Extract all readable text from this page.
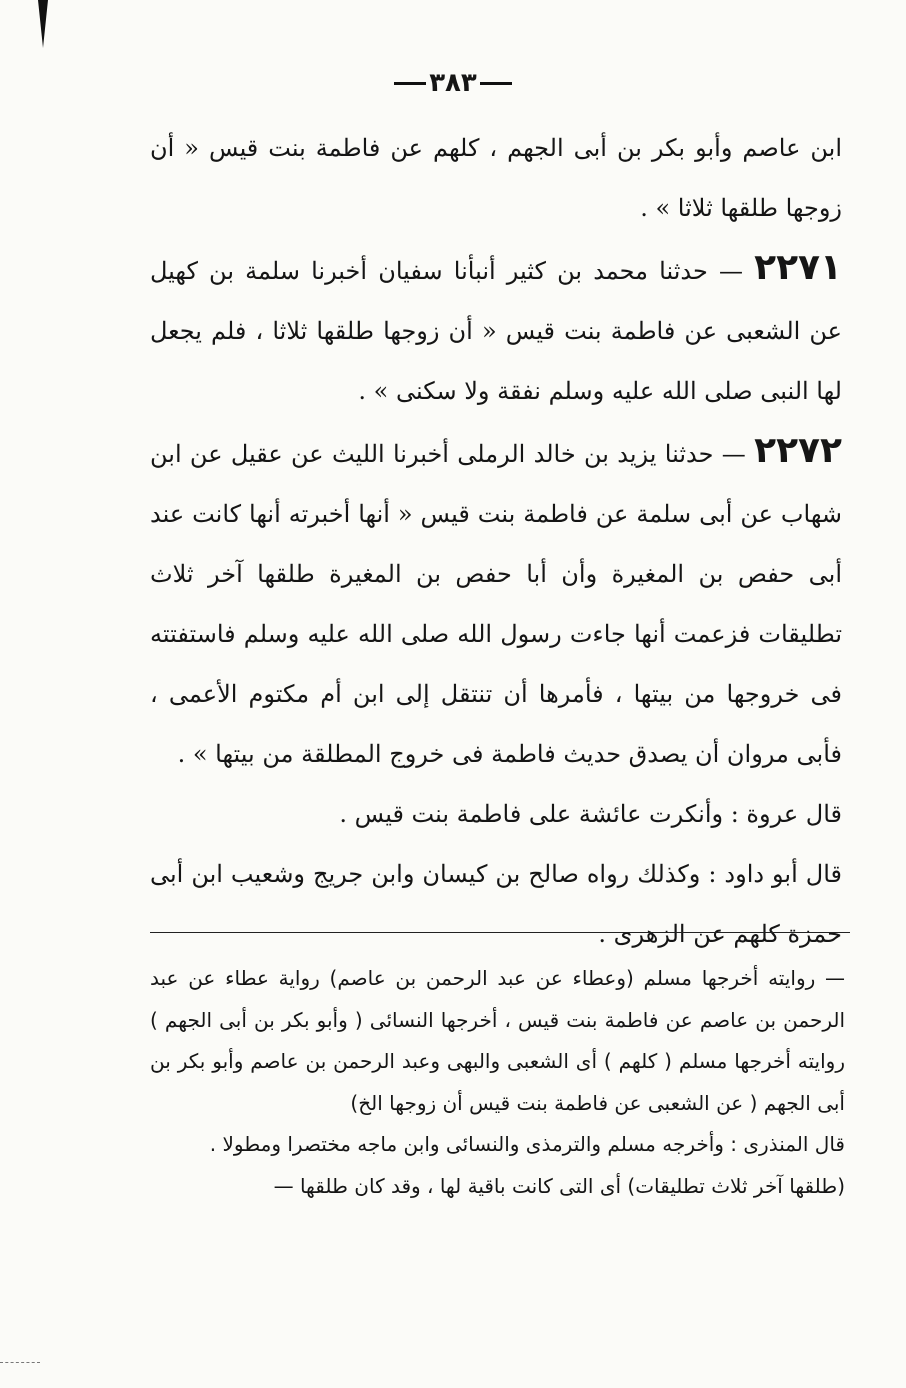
٣٨٣

ابن عاصم وأبو بكر بن أبى الجهم ، كلهم عن فاطمة بنت قيس « أن زوجها طلقها ثلاثا » .

٢٢٧١ — حدثنا محمد بن كثير أنبأنا سفيان أخبرنا سلمة بن كهيل عن الشعبى عن فاطمة بنت قيس « أن زوجها طلقها ثلاثا ، فلم يجعل لها النبى صلى الله عليه وسلم نفقة ولا سكنى » .

٢٢٧٢ — حدثنا يزيد بن خالد الرملى أخبرنا الليث عن عقيل عن ابن شهاب عن أبى سلمة عن فاطمة بنت قيس « أنها أخبرته أنها كانت عند أبى حفص بن المغيرة وأن أبا حفص بن المغيرة طلقها آخر ثلاث تطليقات فزعمت أنها جاءت رسول الله صلى الله عليه وسلم فاستفتته فى خروجها من بيتها ، فأمرها أن تنتقل إلى ابن أم مكتوم الأعمى ، فأبى مروان أن يصدق حديث فاطمة فى خروج المطلقة من بيتها » .

قال عروة : وأنكرت عائشة على فاطمة بنت قيس .

قال أبو داود : وكذلك رواه صالح بن كيسان وابن جريج وشعيب ابن أبى حمزة كلهم عن الزهرى .

— روايته أخرجها مسلم (وعطاء عن عبد الرحمن بن عاصم) رواية عطاء عن عبد الرحمن بن عاصم عن فاطمة بنت قيس ، أخرجها النسائى ( وأبو بكر بن أبى الجهم ) روايته أخرجها مسلم ( كلهم ) أى الشعبى والبهى وعبد الرحمن بن عاصم وأبو بكر بن أبى الجهم ( عن الشعبى عن فاطمة بنت قيس أن زوجها الخ)

قال المنذرى : وأخرجه مسلم والترمذى والنسائى وابن ماجه مختصرا ومطولا .

(طلقها آخر ثلاث تطليقات) أى التى كانت باقية لها ، وقد كان طلقها —
